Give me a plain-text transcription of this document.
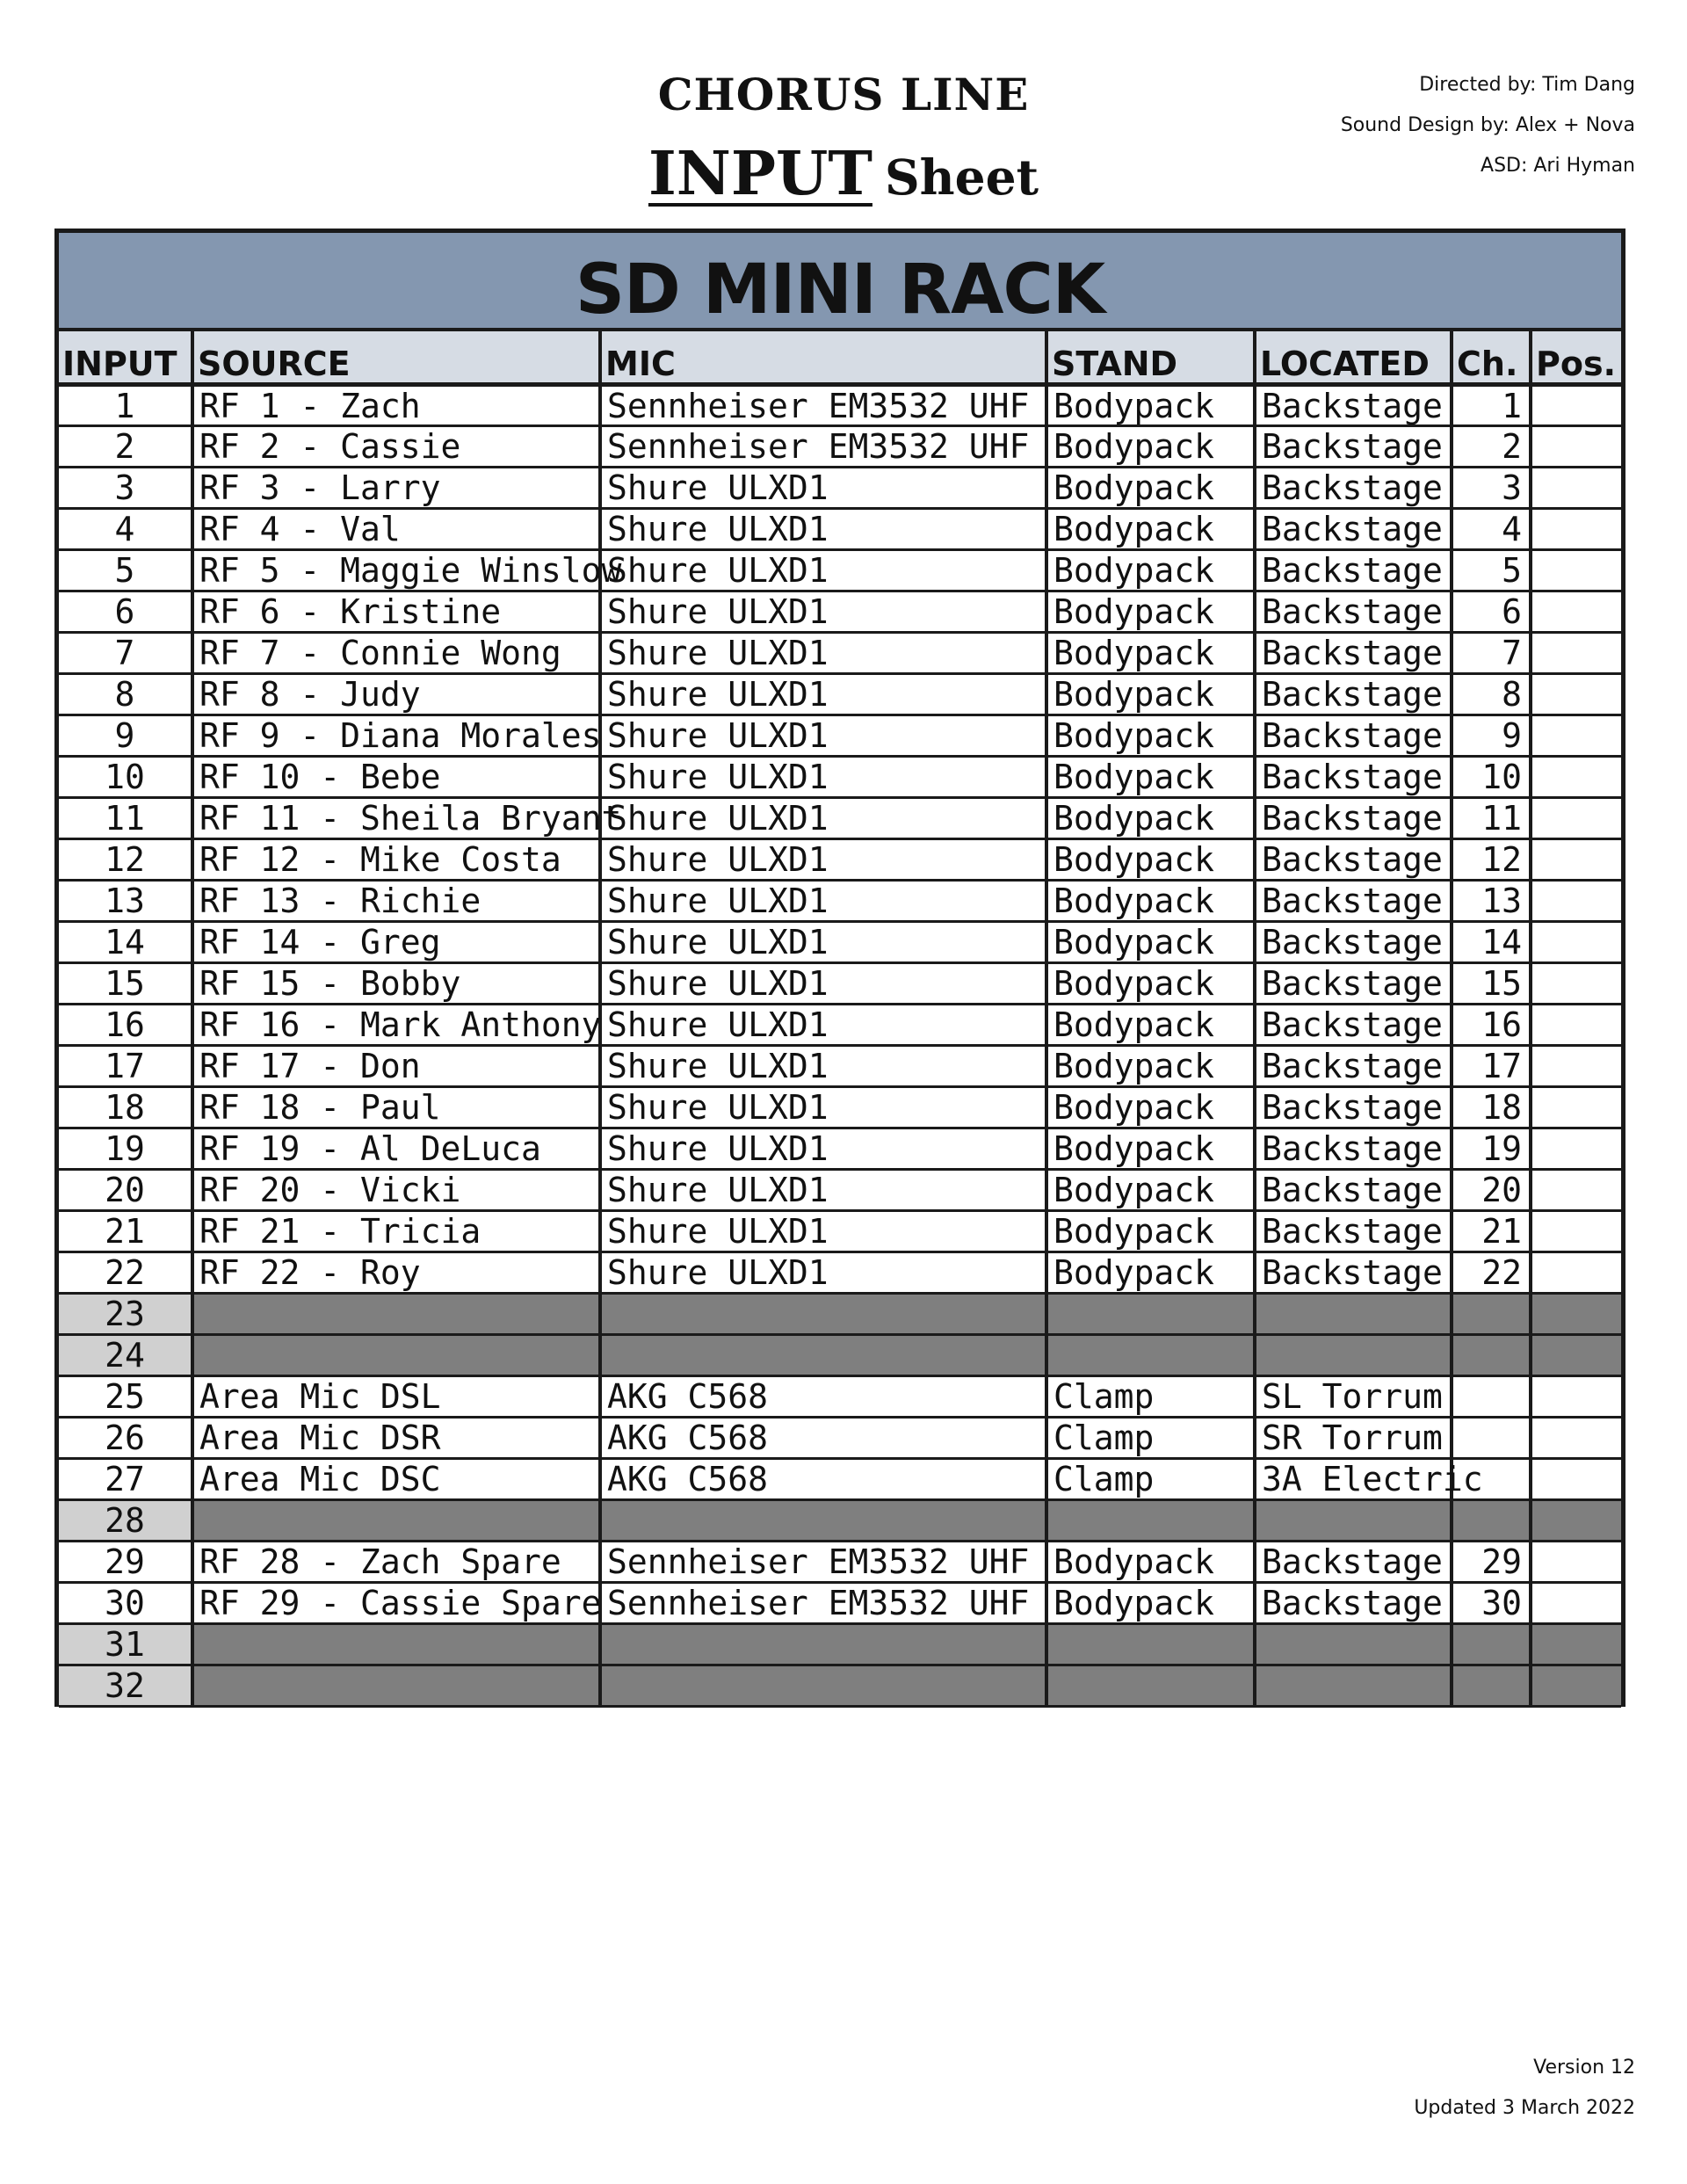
CHORUS LINE
INPUT Sheet
Directed by: Tim Dang
Sound Design by: Alex + Nova
ASD: Ari Hyman
SD MINI RACK
INPUT	SOURCE	MIC	STAND	LOCATED	Ch.	Pos.
1	RF 1 - Zach	Sennheiser EM3532 UHF	Bodypack	Backstage	1	
2	RF 2 - Cassie	Sennheiser EM3532 UHF	Bodypack	Backstage	2	
3	RF 3 - Larry	Shure ULXD1	Bodypack	Backstage	3	
4	RF 4 - Val	Shure ULXD1	Bodypack	Backstage	4	
5	RF 5 - Maggie Winslow	Shure ULXD1	Bodypack	Backstage	5	
6	RF 6 - Kristine	Shure ULXD1	Bodypack	Backstage	6	
7	RF 7 - Connie Wong	Shure ULXD1	Bodypack	Backstage	7	
8	RF 8 - Judy	Shure ULXD1	Bodypack	Backstage	8	
9	RF 9 - Diana Morales	Shure ULXD1	Bodypack	Backstage	9	
10	RF 10 - Bebe	Shure ULXD1	Bodypack	Backstage	10	
11	RF 11 - Sheila Bryant	Shure ULXD1	Bodypack	Backstage	11	
12	RF 12 - Mike Costa	Shure ULXD1	Bodypack	Backstage	12	
13	RF 13 - Richie	Shure ULXD1	Bodypack	Backstage	13	
14	RF 14 - Greg	Shure ULXD1	Bodypack	Backstage	14	
15	RF 15 - Bobby	Shure ULXD1	Bodypack	Backstage	15	
16	RF 16 - Mark Anthony	Shure ULXD1	Bodypack	Backstage	16	
17	RF 17 - Don	Shure ULXD1	Bodypack	Backstage	17	
18	RF 18 - Paul	Shure ULXD1	Bodypack	Backstage	18	
19	RF 19 - Al DeLuca	Shure ULXD1	Bodypack	Backstage	19	
20	RF 20 - Vicki	Shure ULXD1	Bodypack	Backstage	20	
21	RF 21 - Tricia	Shure ULXD1	Bodypack	Backstage	21	
22	RF 22 - Roy	Shure ULXD1	Bodypack	Backstage	22	
23						
24						
25	Area Mic DSL	AKG C568	Clamp	SL Torrum		
26	Area Mic DSR	AKG C568	Clamp	SR Torrum		
27	Area Mic DSC	AKG C568	Clamp	3A Electric		
28						
29	RF 28 - Zach Spare	Sennheiser EM3532 UHF	Bodypack	Backstage	29	
30	RF 29 - Cassie Spare	Sennheiser EM3532 UHF	Bodypack	Backstage	30	
31						
32						
Version 12
Updated 3 March 2022
